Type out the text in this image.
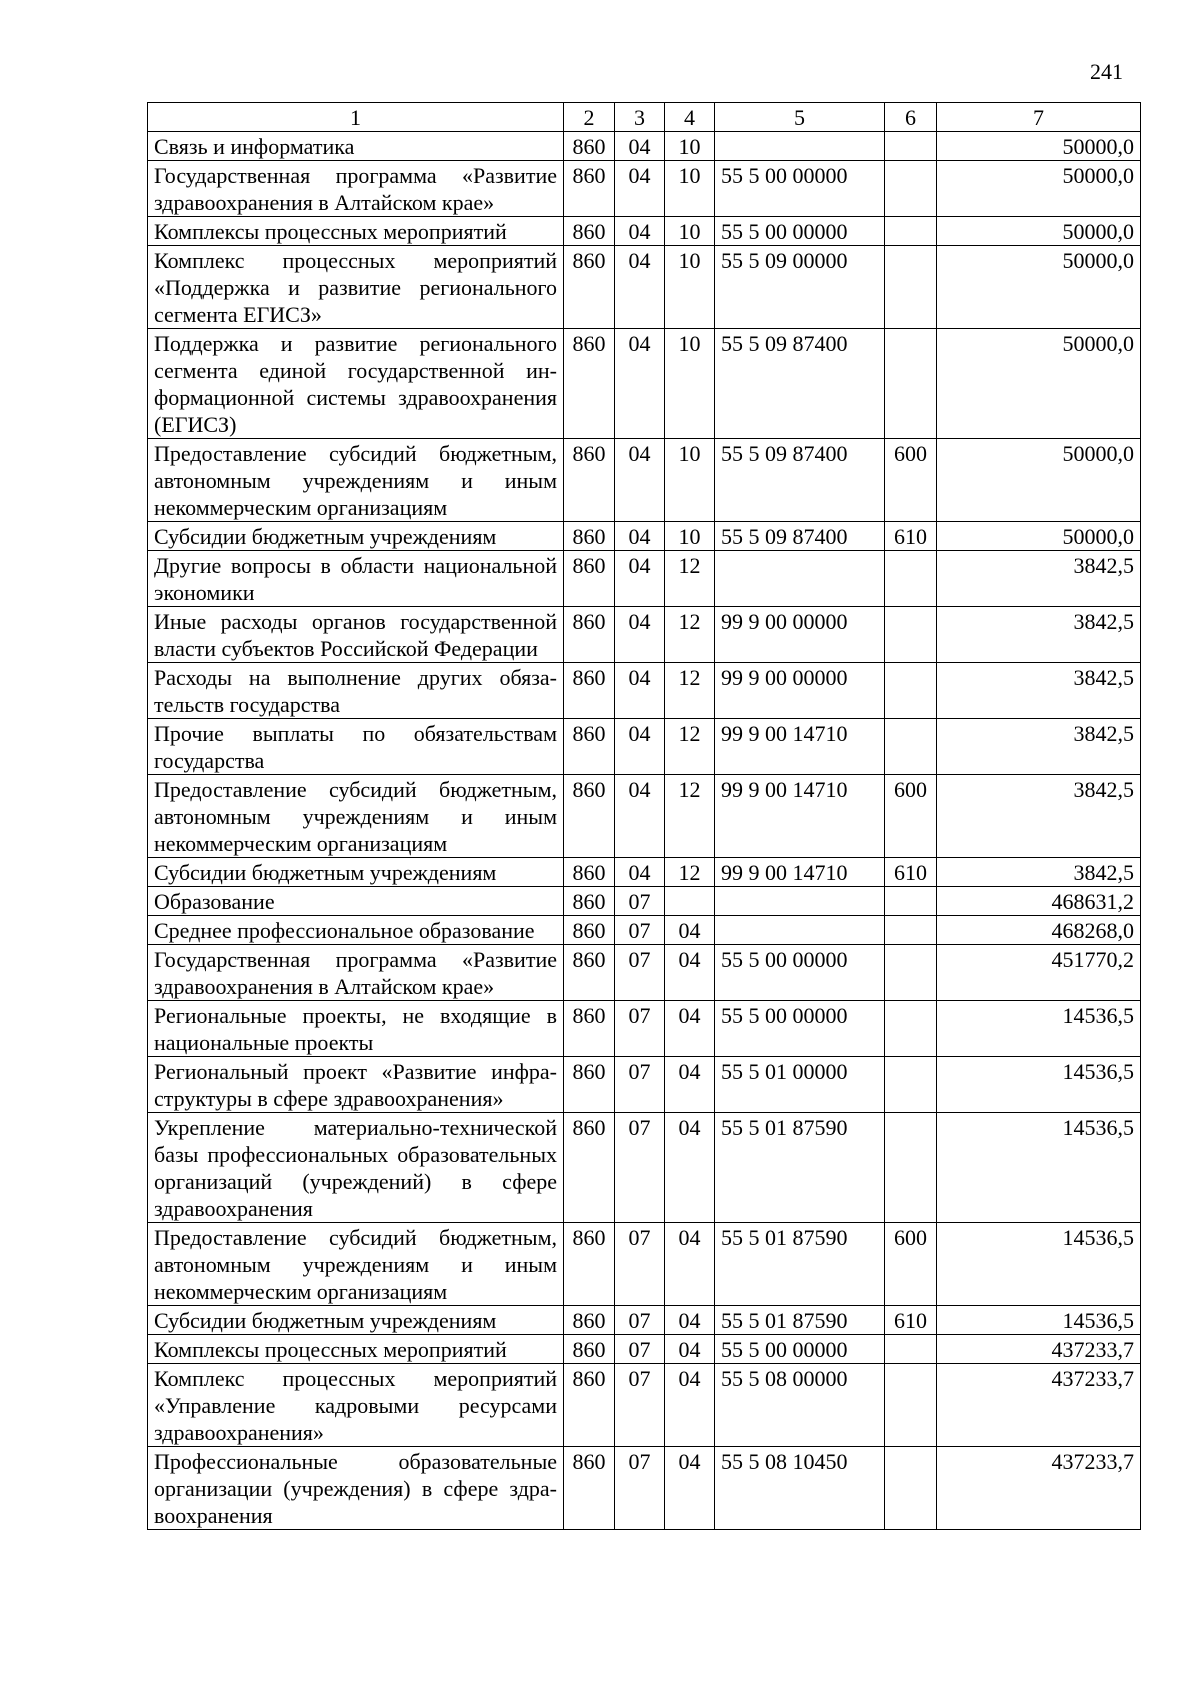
241
1	2	3	4	5	6	7
Связь и информатика	860	04	10			50000,0
Государственная программа «Развитие здравоохранения в Алтайском крае»	860	04	10	55 5 00 00000		50000,0
Комплексы процессных мероприятий	860	04	10	55 5 00 00000		50000,0
Комплекс процессных мероприятий «Поддержка и развитие регионального сегмента ЕГИСЗ»	860	04	10	55 5 09 00000		50000,0
Поддержка и развитие регионального сегмента единой государственной информационной системы здравоохранения (ЕГИСЗ)	860	04	10	55 5 09 87400		50000,0
Предоставление субсидий бюджетным, автономным учреждениям и иным некоммерческим организациям	860	04	10	55 5 09 87400	600	50000,0
Субсидии бюджетным учреждениям	860	04	10	55 5 09 87400	610	50000,0
Другие вопросы в области национальной экономики	860	04	12			3842,5
Иные расходы органов государственной власти субъектов Российской Федерации	860	04	12	99 9 00 00000		3842,5
Расходы на выполнение других обязательств государства	860	04	12	99 9 00 00000		3842,5
Прочие выплаты по обязательствам государства	860	04	12	99 9 00 14710		3842,5
Предоставление субсидий бюджетным, автономным учреждениям и иным некоммерческим организациям	860	04	12	99 9 00 14710	600	3842,5
Субсидии бюджетным учреждениям	860	04	12	99 9 00 14710	610	3842,5
Образование	860	07				468631,2
Среднее профессиональное образование	860	07	04			468268,0
Государственная программа «Развитие здравоохранения в Алтайском крае»	860	07	04	55 5 00 00000		451770,2
Региональные проекты, не входящие в национальные проекты	860	07	04	55 5 00 00000		14536,5
Региональный проект «Развитие инфраструктуры в сфере здравоохранения»	860	07	04	55 5 01 00000		14536,5
Укрепление материально-технической базы профессиональных образовательных организаций (учреждений) в сфере здравоохранения	860	07	04	55 5 01 87590		14536,5
Предоставление субсидий бюджетным, автономным учреждениям и иным некоммерческим организациям	860	07	04	55 5 01 87590	600	14536,5
Субсидии бюджетным учреждениям	860	07	04	55 5 01 87590	610	14536,5
Комплексы процессных мероприятий	860	07	04	55 5 00 00000		437233,7
Комплекс процессных мероприятий «Управление кадровыми ресурсами здравоохранения»	860	07	04	55 5 08 00000		437233,7
Профессиональные образовательные организации (учреждения) в сфере здравоохранения	860	07	04	55 5 08 10450		437233,7
